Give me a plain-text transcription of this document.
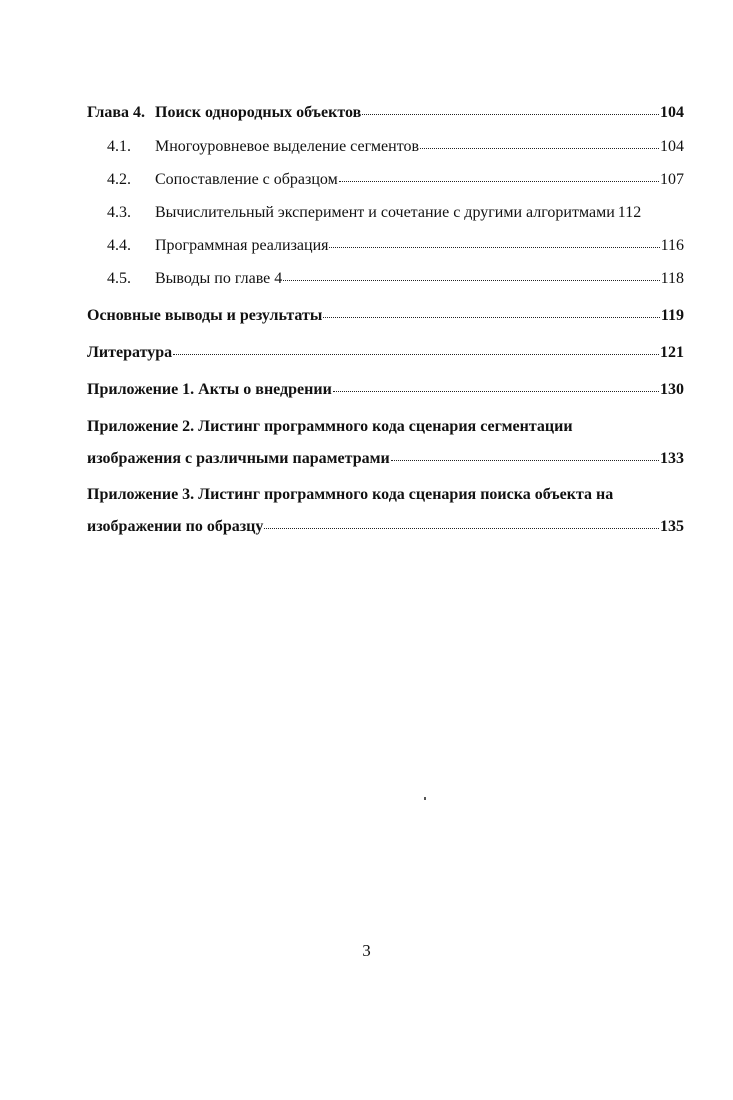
Глава 4. Поиск однородных объектов	104
4.1.	Многоуровневое выделение сегментов	104
4.2.	Сопоставление с образцом	107
4.3.	Вычислительный эксперимент и сочетание с другими алгоритмами 112
4.4.	Программная реализация	116
4.5.	Выводы по главе 4	118
Основные выводы и результаты	119
Литература	121
Приложение 1. Акты о внедрении	130
Приложение 2. Листинг программного кода сценария сегментации
изображения с различными параметрами	133
Приложение 3. Листинг программного кода сценария поиска объекта на
изображении по образцу	135
3
